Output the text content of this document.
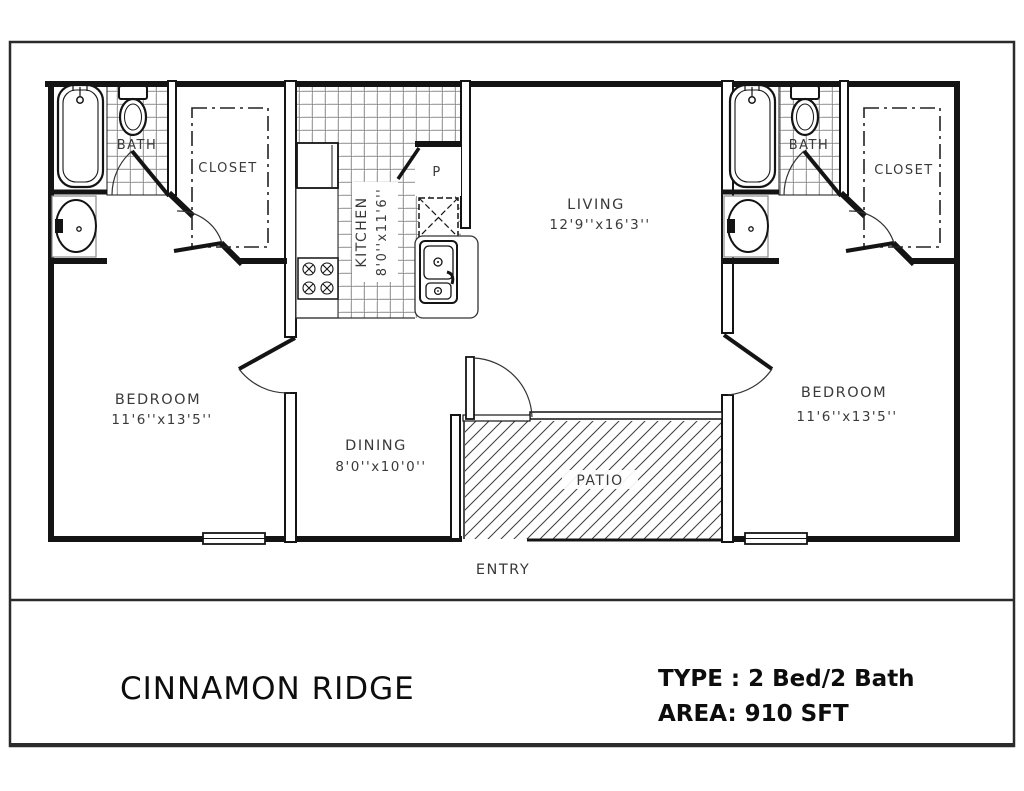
LIVING
12'9''x16'3''
KITCHEN 8'0''x11'6''
DINING
8'0''x10'0''
BEDROOM
11'6''x13'5''
BEDROOM
11'6''x13'5''
BATH	BATH
CLOSET	CLOSET
PATIO
ENTRY
P
CINNAMON RIDGE	TYPE : 2 Bed/2 Bath
AREA: 910 SFT
